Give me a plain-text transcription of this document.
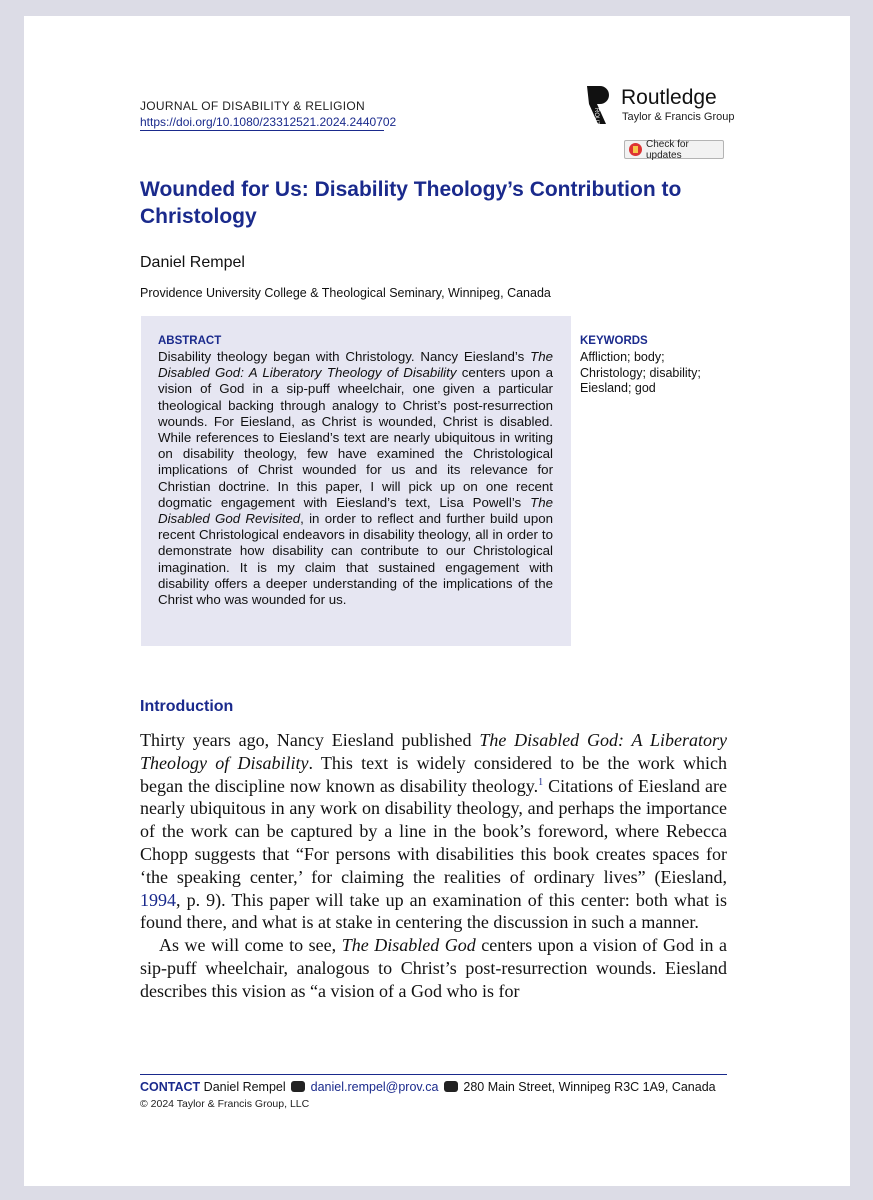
JOURNAL OF DISABILITY & RELIGION
https://doi.org/10.1080/23312521.2024.2440702	ROUTLEDGE
Routledge
Taylor & Francis Group
Check for updates
Wounded for Us: Disability Theology’s Contribution to Christology
Daniel Rempel
Providence University College & Theological Seminary, Winnipeg, Canada
ABSTRACT
Disability theology began with Christology. Nancy Eiesland’s The Disabled God: A Liberatory Theology of Disability centers upon a vision of God in a sip-puff wheelchair, one given a particular theological backing through analogy to Christ’s post-resurrection wounds. For Eiesland, as Christ is wounded, Christ is disabled. While references to Eiesland’s text are nearly ubiquitous in writing on disability theology, few have examined the Christological implications of Christ wounded for us and its relevance for Christian doctrine. In this paper, I will pick up on one recent dogmatic engagement with Eiesland’s text, Lisa Powell’s The Disabled God Revisited, in order to reflect and further build upon recent Christological endeavors in disability theology, all in order to demonstrate how disability can contribute to our Christological imagination. It is my claim that sustained engagement with disability offers a deeper understanding of the implications of the Christ who was wounded for us.
KEYWORDS
Affliction; body; Christology; disability; Eiesland; god
Introduction

Thirty years ago, Nancy Eiesland published The Disabled God: A Liberatory Theology of Disability. This text is widely considered to be the work which began the discipline now known as disability theology.$^1$ Citations of Eiesland are nearly ubiquitous in any work on disability theology, and perhaps the importance of the work can be captured by a line in the book’s foreword, where Rebecca Chopp suggests that “For persons with disabilities this book creates spaces for ‘the speaking center,’ for claiming the realities of ordinary lives” (Eiesland, 1994, p. 9). This paper will take up an examination of this center: both what is found there, and what is at stake in centering the discussion in such a manner.

As we will come to see, The Disabled God centers upon a vision of God in a sip-puff wheelchair, analogous to Christ’s post-resurrection wounds. Eiesland describes this vision as “a vision of a God who is for

CONTACT Daniel Rempel daniel.rempel@prov.ca 280 Main Street, Winnipeg R3C 1A9, Canada
© 2024 Taylor & Francis Group, LLC
